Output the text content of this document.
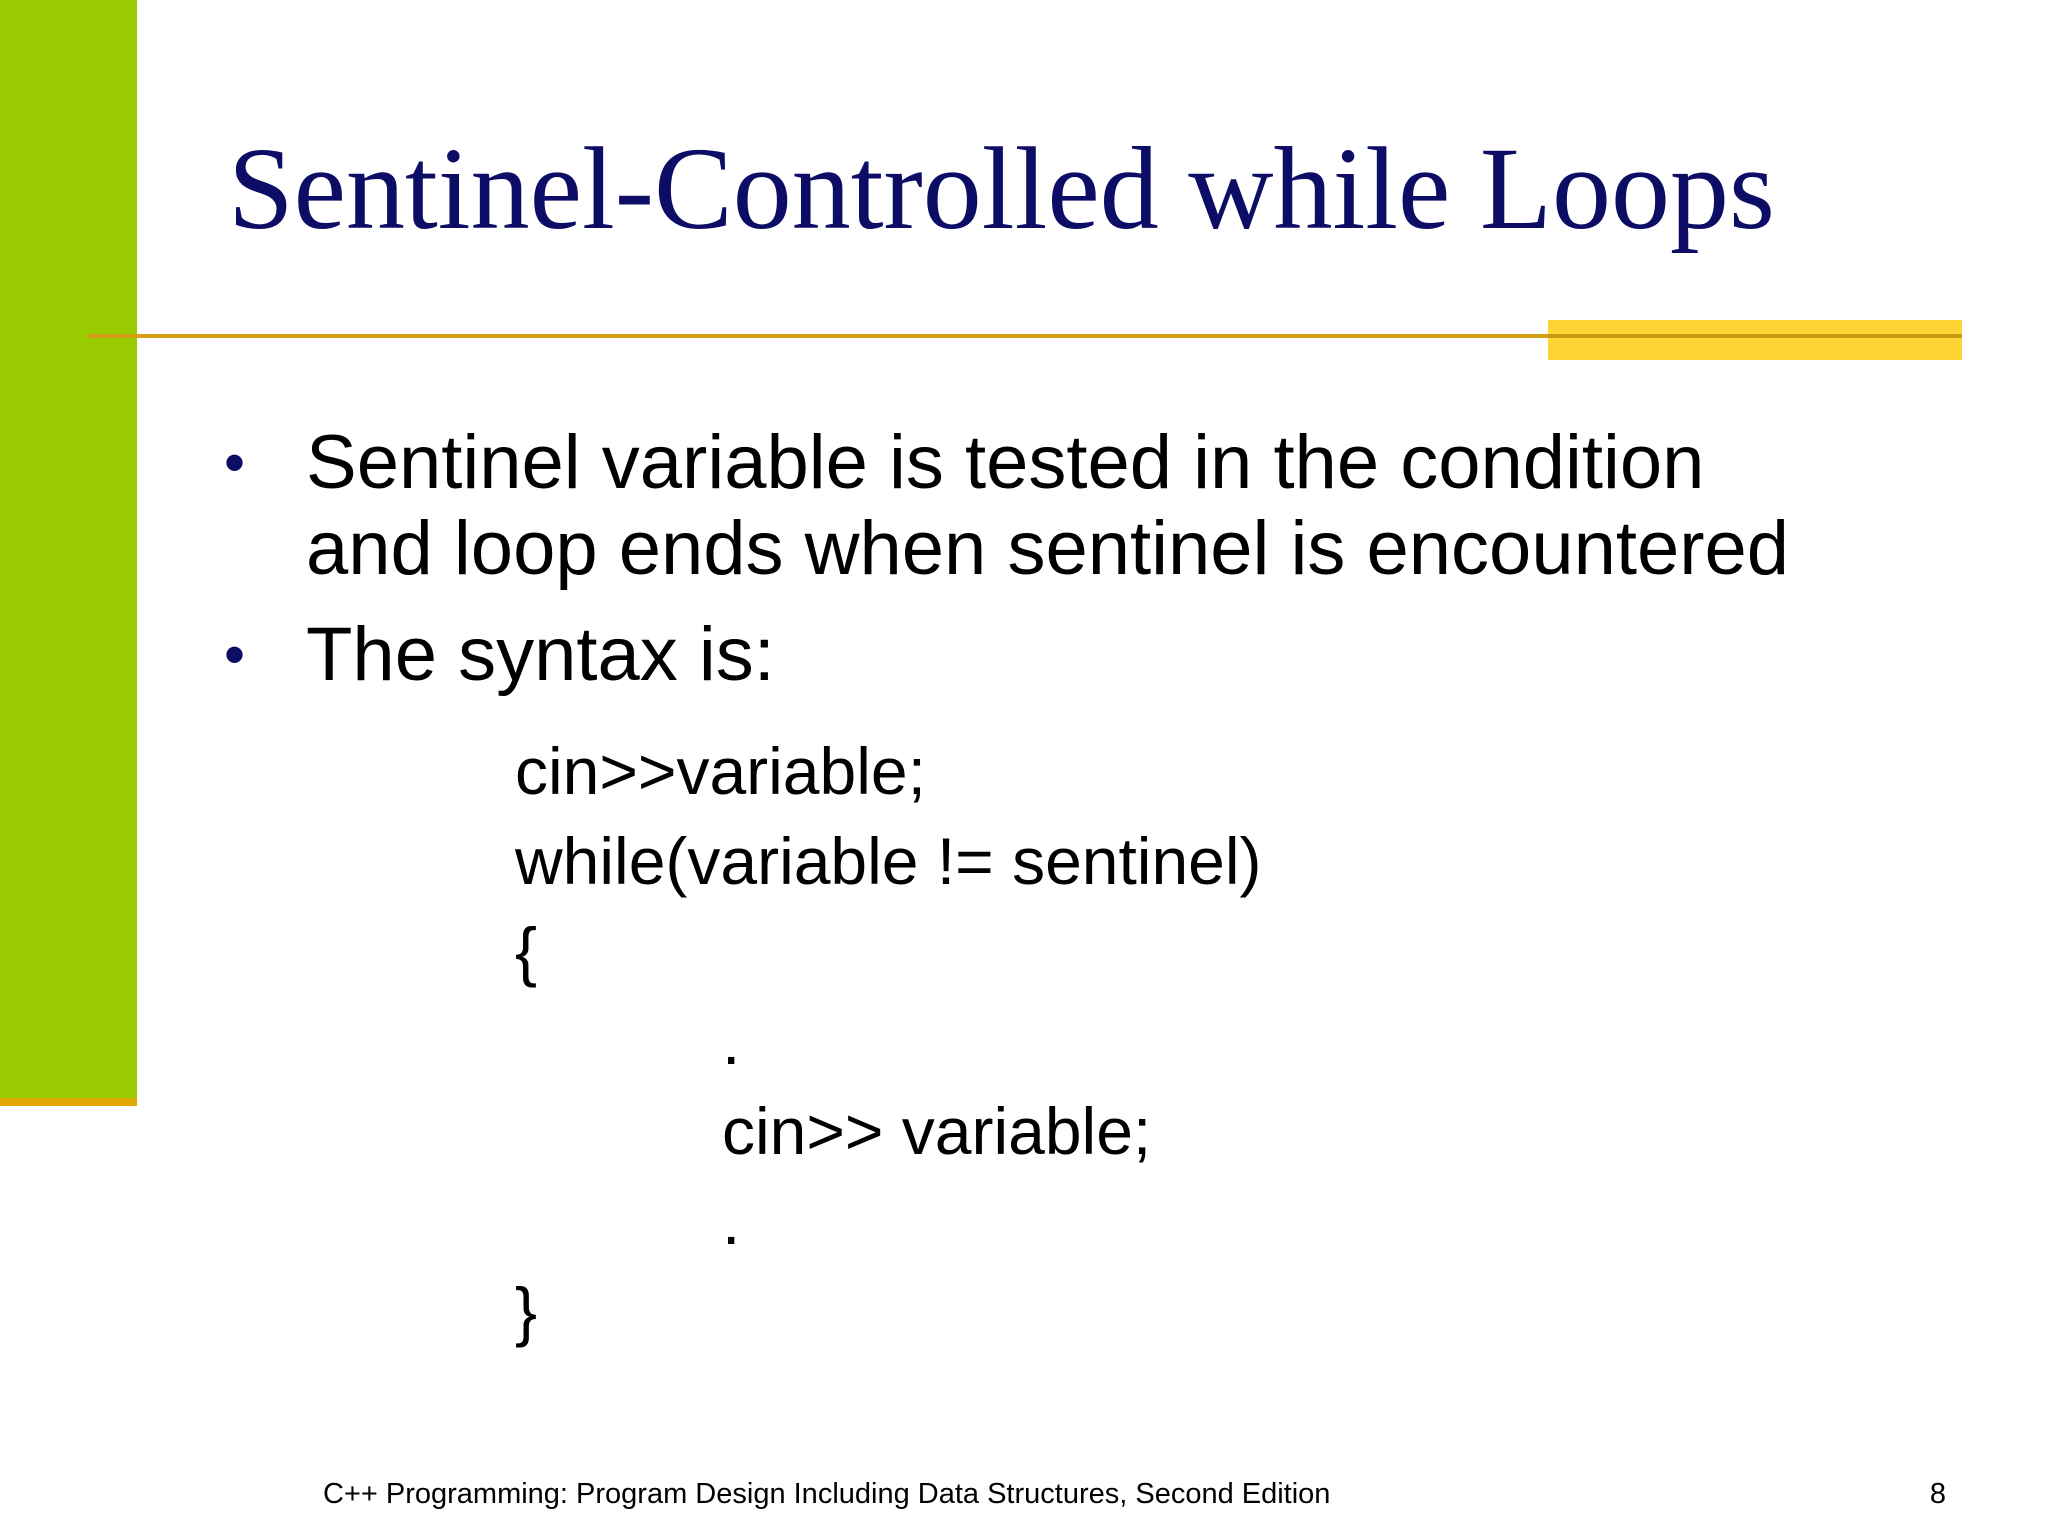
Sentinel-Controlled while Loops
• Sentinel variable is tested in the condition
and loop ends when sentinel is encountered
• The syntax is:
cin>>variable;
while(variable != sentinel)
{
.
cin>> variable;
.
}
C++ Programming: Program Design Including Data Structures, Second Edition	8
